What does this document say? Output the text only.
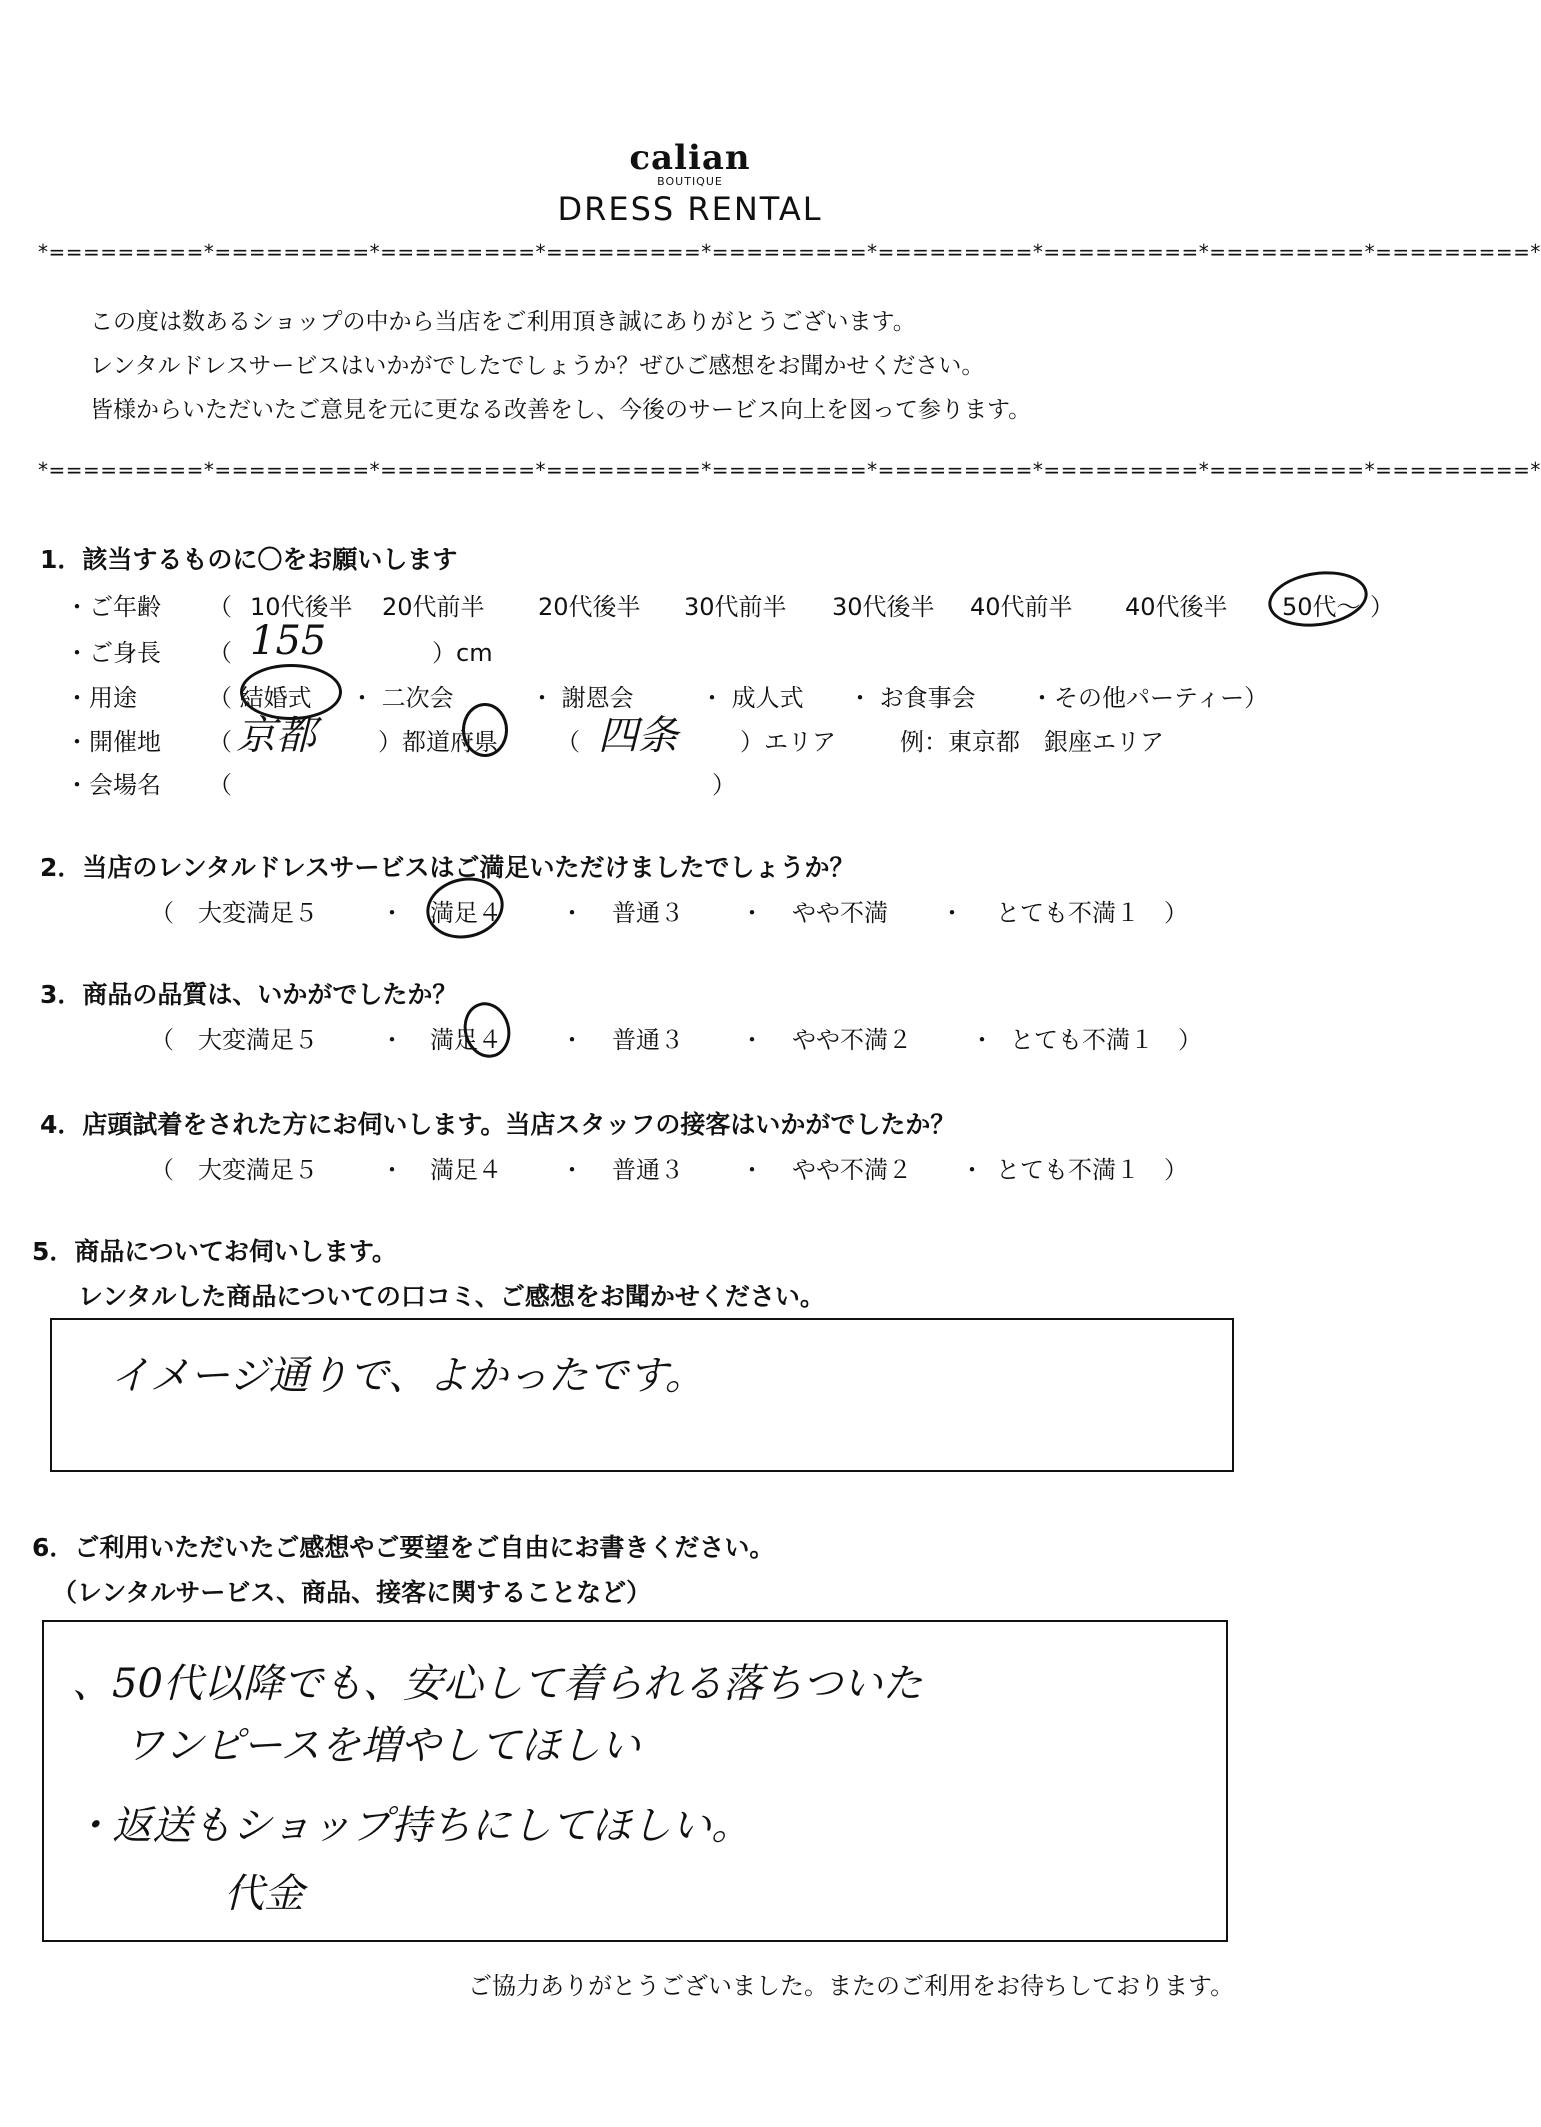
calian
BOUTIQUE
DRESS RENTAL
*=========*=========*=========*=========*=========*=========*=========*=========*=========*
この度は数あるショップの中から当店をご利用頂き誠にありがとうございます。
レンタルドレスサービスはいかがでしたでしょうか？ぜひご感想をお聞かせください。
皆様からいただいたご意見を元に更なる改善をし、今後のサービス向上を図って参ります。
*=========*=========*=========*=========*=========*=========*=========*=========*=========*
1．該当するものに〇をお願いします
・ご年齢 （ 10代後半 20代前半 20代後半 30代前半 30代後半 40代前半 40代後半 50代～ ）
・ご身長 （ 155	）cm
・用途	（ 結婚式 ・ 二次会	・ 謝恩会	・ 成人式 ・ お食事会 ・その他パーティー）
・開催地 （ 京都	）都道府県 （ 四条	）エリア	例：東京都　銀座エリア
・会場名 （	）
2．当店のレンタルドレスサービスはご満足いただけましたでしょうか？
（　大変満足５	・ 満足４ ・ 普通３ ・ やや不満 ・ とても不満１　）
3．商品の品質は、いかがでしたか？
（　大変満足５	・ 満足４ ・ 普通３ ・ やや不満２ ・ とても不満１　）
4．店頭試着をされた方にお伺いします。当店スタッフの接客はいかがでしたか？
（　大変満足５	・ 満足４ ・ 普通３ ・ やや不満２ ・ とても不満１　）
5．商品についてお伺いします。
レンタルした商品についての口コミ、ご感想をお聞かせください。
イメージ通りで、よかったです。
6．ご利用いただいたご感想やご要望をご自由にお書きください。
（レンタルサービス、商品、接客に関することなど）
、50代以降でも、安心して着られる落ちついた
ワンピースを増やしてほしい
・返送もショップ持ちにしてほしい。
代金
ご協力ありがとうございました。またのご利用をお待ちしております。
